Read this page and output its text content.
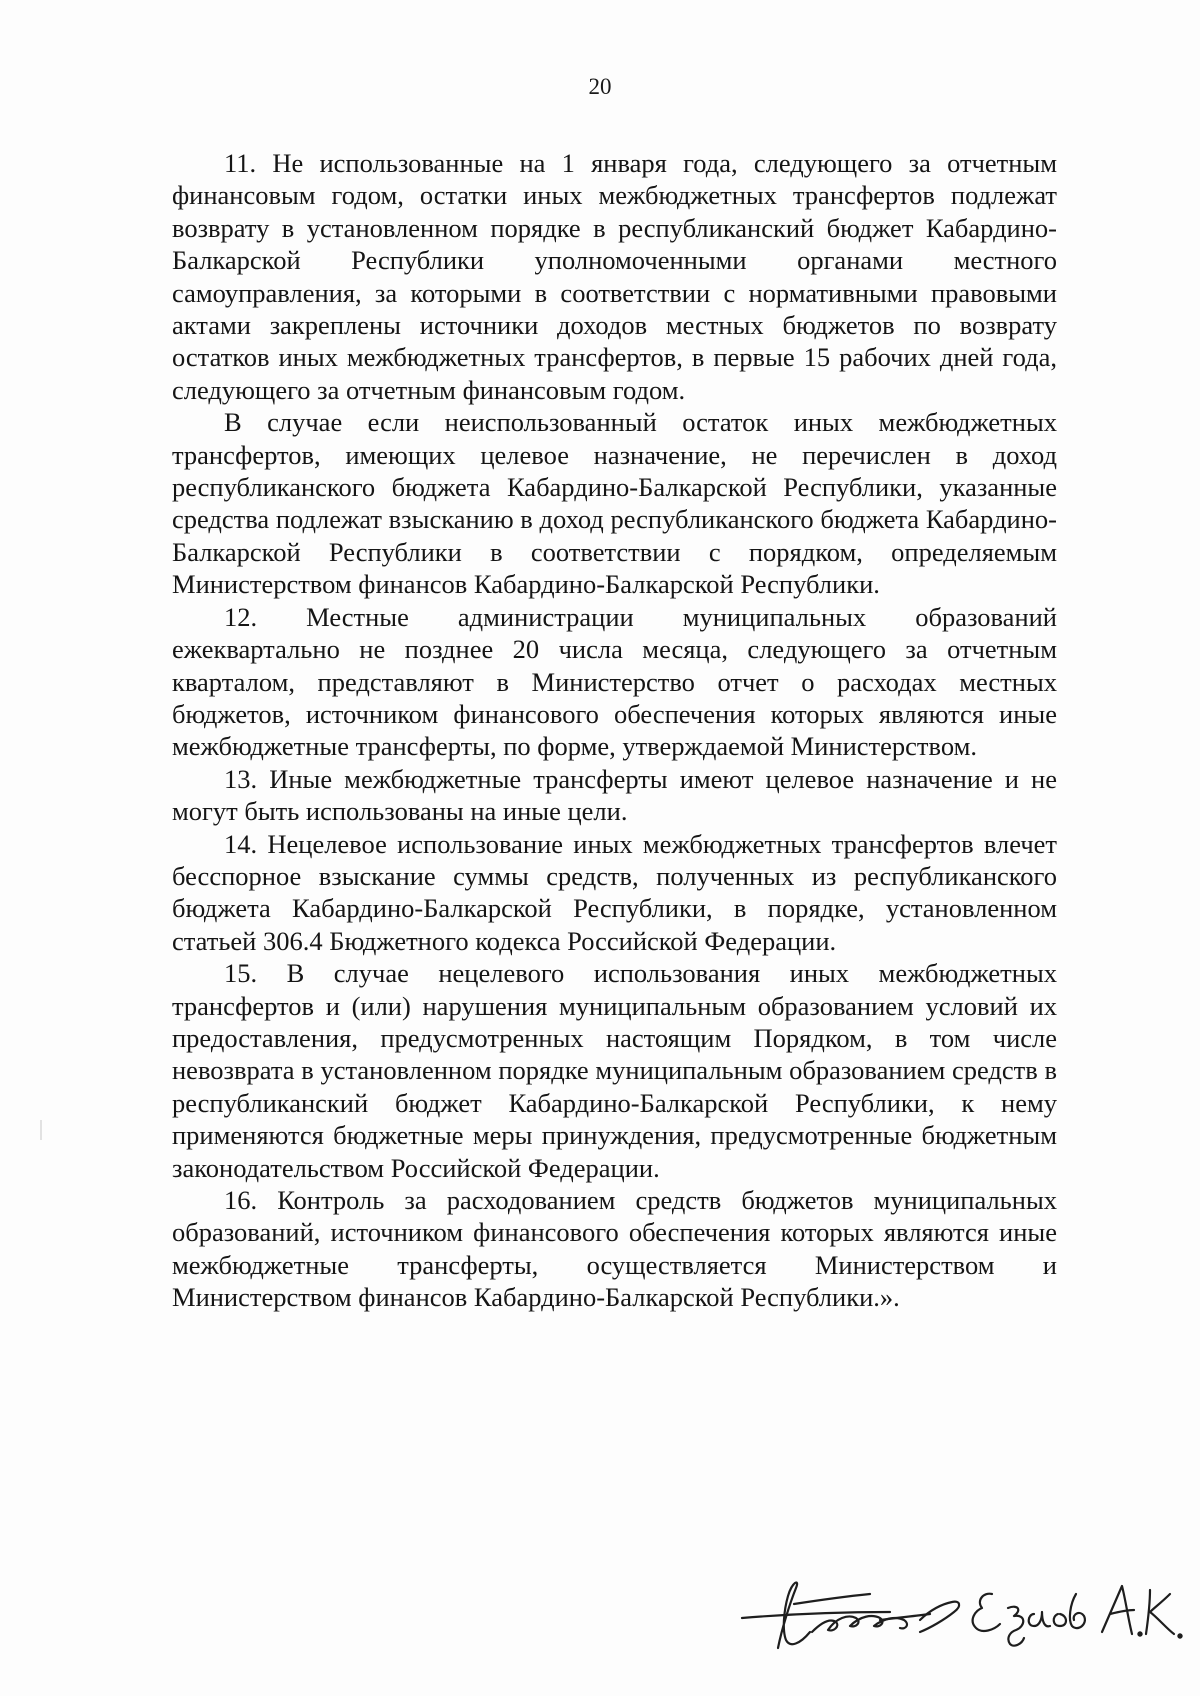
20

11. Не использованные на 1 января года, следующего за отчетным финансовым годом, остатки иных межбюджетных трансфертов подлежат возврату в установленном порядке в республиканский бюджет Кабардино-Балкарской Республики уполномоченными органами местного самоуправления, за которыми в соответствии с нормативными правовыми актами закреплены источники доходов местных бюджетов по возврату остатков иных межбюджетных трансфертов, в первые 15 рабочих дней года, следующего за отчетным финансовым годом.

В случае если неиспользованный остаток иных межбюджетных трансфертов, имеющих целевое назначение, не перечислен в доход республиканского бюджета Кабардино-Балкарской Республики, указанные средства подлежат взысканию в доход республиканского бюджета Кабардино-Балкарской Республики в соответствии с порядком, определяемым Министерством финансов Кабардино-Балкарской Республики.

12. Местные администрации муниципальных образований ежеквартально не позднее 20 числа месяца, следующего за отчетным кварталом, представляют в Министерство отчет о расходах местных бюджетов, источником финансового обеспечения которых являются иные межбюджетные трансферты, по форме, утверждаемой Министерством.

13. Иные межбюджетные трансферты имеют целевое назначение и не могут быть использованы на иные цели.

14. Нецелевое использование иных межбюджетных трансфертов влечет бесспорное взыскание суммы средств, полученных из республиканского бюджета Кабардино-Балкарской Республики, в порядке, установленном статьей 306.4 Бюджетного кодекса Российской Федерации.

15. В случае нецелевого использования иных межбюджетных трансфертов и (или) нарушения муниципальным образованием условий их предоставления, предусмотренных настоящим Порядком, в том числе невозврата в установленном порядке муниципальным образованием средств в республиканский бюджет Кабардино-Балкарской Республики, к нему применяются бюджетные меры принуждения, предусмотренные бюджетным законодательством Российской Федерации.

16. Контроль за расходованием средств бюджетов муниципальных образований, источником финансового обеспечения которых являются иные межбюджетные трансферты, осуществляется Министерством и Министерством финансов Кабардино-Балкарской Республики.».
